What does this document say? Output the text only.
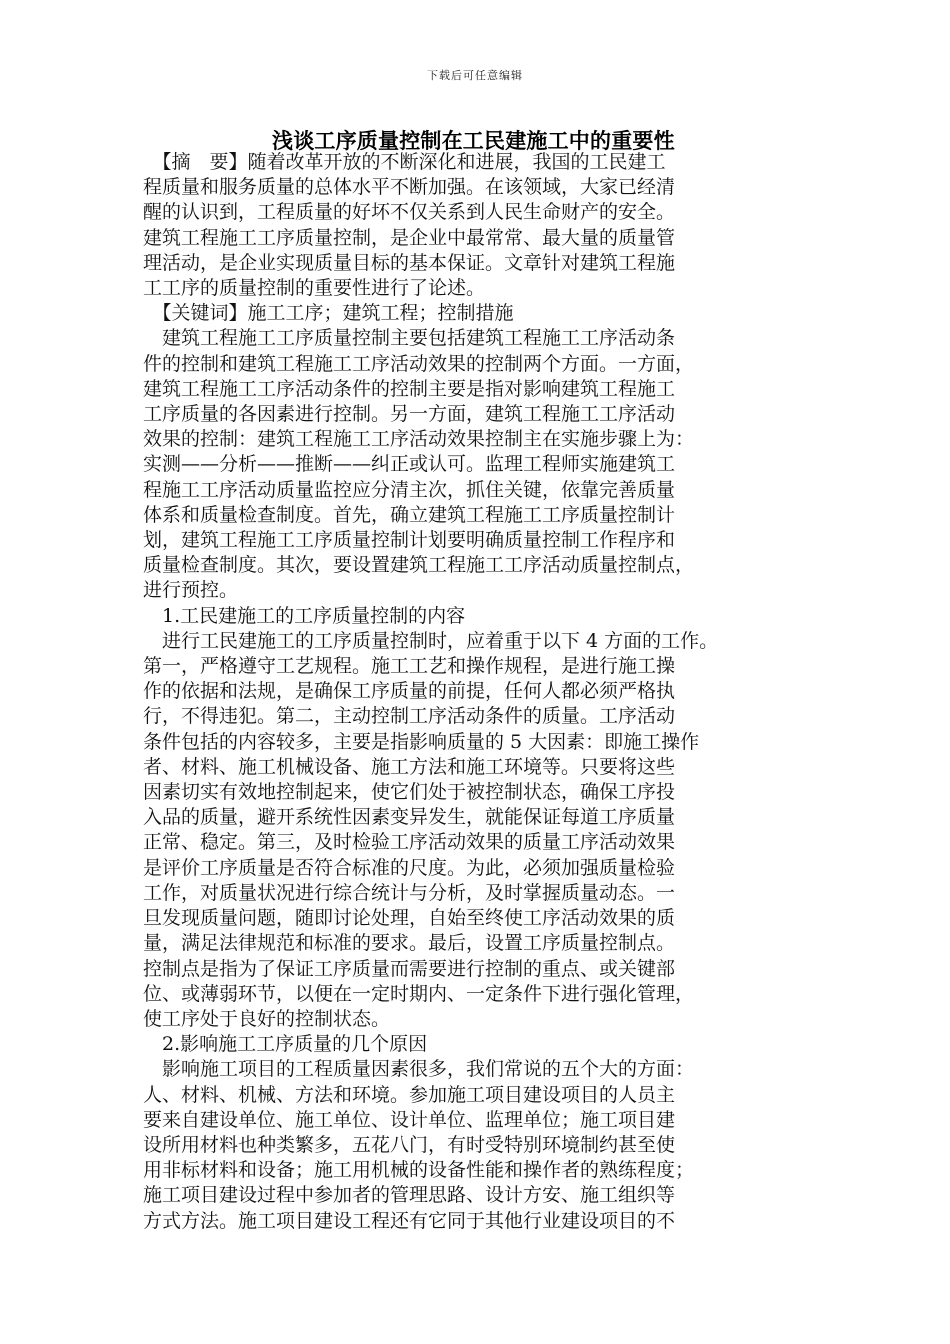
下载后可任意编辑
浅谈工序质量控制在工民建施工中的重要性

　【摘　要】随着改革开放的不断深化和进展，我国的工民建工

程质量和服务质量的总体水平不断加强。在该领域，大家已经清

醒的认识到，工程质量的好坏不仅关系到人民生命财产的安全。

建筑工程施工工序质量控制，是企业中最常常、最大量的质量管

理活动，是企业实现质量目标的基本保证。文章针对建筑工程施

工工序的质量控制的重要性进行了论述。

　【关键词】施工工序；建筑工程；控制措施

　建筑工程施工工序质量控制主要包括建筑工程施工工序活动条

件的控制和建筑工程施工工序活动效果的控制两个方面。一方面，

建筑工程施工工序活动条件的控制主要是指对影响建筑工程施工

工序质量的各因素进行控制。另一方面，建筑工程施工工序活动

效果的控制：建筑工程施工工序活动效果控制主在实施步骤上为：

实测——分析——推断——纠正或认可。监理工程师实施建筑工

程施工工序活动质量监控应分清主次，抓住关键，依靠完善质量

体系和质量检查制度。首先，确立建筑工程施工工序质量控制计

划，建筑工程施工工序质量控制计划要明确质量控制工作程序和

质量检查制度。其次，要设置建筑工程施工工序活动质量控制点，

进行预控。

　1.工民建施工的工序质量控制的内容

　进行工民建施工的工序质量控制时，应着重于以下 4 方面的工作。

第一，严格遵守工艺规程。施工工艺和操作规程，是进行施工操

作的依据和法规，是确保工序质量的前提，任何人都必须严格执

行，不得违犯。第二，主动控制工序活动条件的质量。工序活动

条件包括的内容较多，主要是指影响质量的 5 大因素：即施工操作

者、材料、施工机械设备、施工方法和施工环境等。只要将这些

因素切实有效地控制起来，使它们处于被控制状态，确保工序投

入品的质量，避开系统性因素变异发生，就能保证每道工序质量

正常、稳定。第三，及时检验工序活动效果的质量工序活动效果

是评价工序质量是否符合标准的尺度。为此，必须加强质量检验

工作，对质量状况进行综合统计与分析，及时掌握质量动态。一

旦发现质量问题，随即讨论处理，自始至终使工序活动效果的质

量，满足法律规范和标准的要求。最后，设置工序质量控制点。

控制点是指为了保证工序质量而需要进行控制的重点、或关键部

位、或薄弱环节，以便在一定时期内、一定条件下进行强化管理，

使工序处于良好的控制状态。

　2.影响施工工序质量的几个原因

　影响施工项目的工程质量因素很多，我们常说的五个大的方面：

人、材料、机械、方法和环境。参加施工项目建设项目的人员主

要来自建设单位、施工单位、设计单位、监理单位；施工项目建

设所用材料也种类繁多，五花八门，有时受特别环境制约甚至使

用非标材料和设备；施工用机械的设备性能和操作者的熟练程度；

施工项目建设过程中参加者的管理思路、设计方安、施工组织等

方式方法。施工项目建设工程还有它同于其他行业建设项目的不
